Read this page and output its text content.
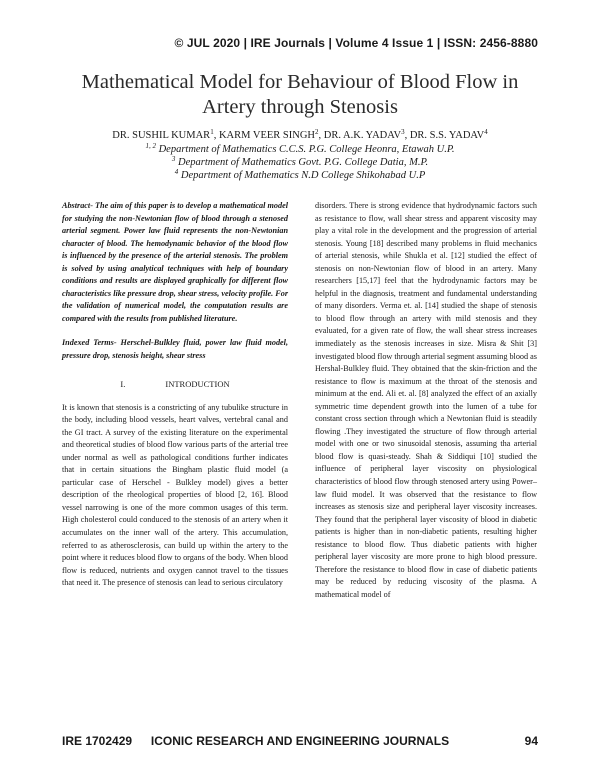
© JUL 2020 | IRE Journals | Volume 4 Issue 1 | ISSN: 2456-8880
Mathematical Model for Behaviour of Blood Flow in
Artery through Stenosis
DR. SUSHIL KUMAR$^1$, KARM VEER SINGH$^2$, DR. A.K. YADAV$^3$, DR. S.S. YADAV$^4$
$^{1, 2}$ Department of Mathematics C.C.S. P.G. College Heonra, Etawah U.P.
$^3$ Department of Mathematics Govt. P.G. College Datia, M.P.
$^4$ Department of Mathematics N.D College Shikohabad U.P

Abstract- The aim of this paper is to develop a mathematical model for studying the non-Newtonian flow of blood through a stenosed arterial segment. Power law fluid represents the non-Newtonian character of blood. The hemodynamic behavior of the blood flow is influenced by the presence of the arterial stenosis. The problem is solved by using analytical techniques with help of boundary conditions and results are displayed graphically for different flow characteristics like pressure drop, shear stress, velocity profile. For the validation of numerical model, the computation results are compared with the results from published literature.

Indexed Terms- Herschel-Bulkley fluid, power law fluid model, pressure drop, stenosis height, shear stress

I.	INTRODUCTION

It is known that stenosis is a constricting of any tubulike structure in the body, including blood vessels, heart valves, vertebral canal and the GI tract. A survey of the existing literature on the experimental and theoretical studies of blood flow various parts of the arterial tree under normal as well as pathological conditions further indicates that in certain situations the Bingham plastic fluid model (a particular case of Herschel - Bulkley model) gives a better description of the rheological properties of blood [2, 16]. Blood vessel narrowing is one of the more common usages of this term. High cholesterol could conduced to the stenosis of an artery when it accumulates on the inner wall of the artery. This accumulation, referred to as atherosclerosis, can build up within the artery to the point where it reduces blood flow to organs of the body. When blood flow is reduced, nutrients and oxygen cannot travel to the tissues that need it. The presence of stenosis can lead to serious circulatory

disorders. There is strong evidence that hydrodynamic factors such as resistance to flow, wall shear stress and apparent viscosity may play a vital role in the development and the progression of arterial stenosis. Young [18] described many problems in fluid mechanics of arterial stenosis, while Shukla et al. [12] studied the effect of stenosis on non-Newtonian flow of blood in an artery. Many researchers [15,17] feel that the hydrodynamic factors may be helpful in the diagnosis, treatment and fundamental understanding of many disorders. Verma et. al. [14] studied the shape of stenosis to blood flow through an artery with mild stenosis and they evaluated, for a given rate of flow, the wall shear stress increases immediately as the stenosis increases in size. Misra & Shit [3] investigated blood flow through arterial segment assuming blood as Hershal-Bulkley fluid. They obtained that the skin-friction and the resistance to flow is maximum at the throat of the stenosis and minimum at the end. Ali et. al. [8] analyzed the effect of an axially symmetric time dependent growth into the lumen of a tube for constant cross section through which a Newtonian fluid is steadily flowing .They investigated the structure of flow through arterial model with one or two sinusoidal stenosis, assuming tha arterial blood flow is quasi-steady. Shah & Siddiqui [10] studied the influence of peripheral layer viscosity on physiological characteristics of blood flow through stenosed artery using Power–law fluid model. It was observed that the resistance to flow increases as stenosis size and peripheral layer viscosity increases. They found that the peripheral layer viscosity of blood in diabetic patients is higher than in non-diabetic patients, resulting higher resistance to blood flow. Thus diabetic patients with higher peripheral layer viscosity are more prone to high blood pressure. Therefore the resistance to blood flow in case of diabetic patients may be reduced by reducing viscosity of the plasma. A mathematical model of

IRE 1702429	ICONIC RESEARCH AND ENGINEERING JOURNALS	94
